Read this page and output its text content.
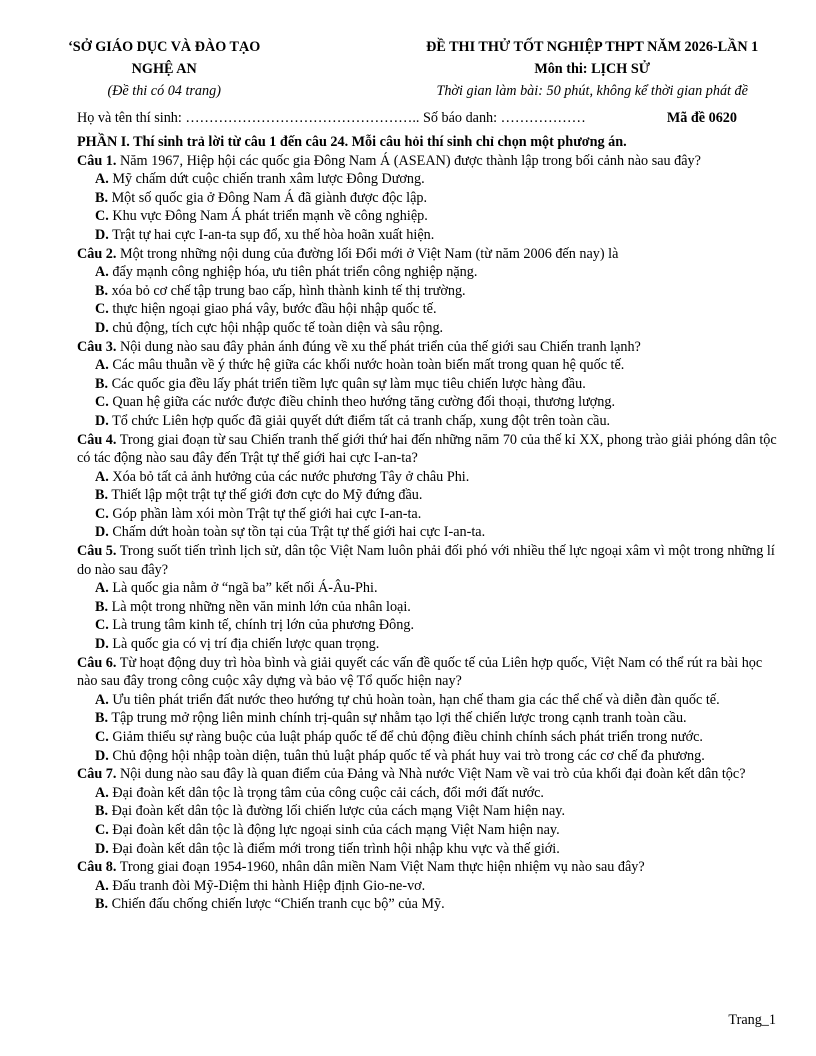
‘SỞ GIÁO DỤC VÀ ĐÀO TẠO	ĐỀ THI THỬ TỐT NGHIỆP THPT NĂM 2026-LẦN 1
NGHỆ AN	Môn thi: LỊCH SỬ
(Đề thi có 04 trang)	Thời gian làm bài: 50 phút, không kể thời gian phát đề
Họ và tên thí sinh: ………………………………………….. Số báo danh: ………………	Mã đề 0620
PHẦN I. Thí sinh trả lời từ câu 1 đến câu 24. Mỗi câu hỏi thí sinh chỉ chọn một phương án.
Câu 1. Năm 1967, Hiệp hội các quốc gia Đông Nam Á (ASEAN) được thành lập trong bối cảnh nào sau đây?
A. Mỹ chấm dứt cuộc chiến tranh xâm lược Đông Dương.
B. Một số quốc gia ở Đông Nam Á đã giành được độc lập.
C. Khu vực Đông Nam Á phát triển mạnh về công nghiệp.
D. Trật tự hai cực I-an-ta sụp đổ, xu thế hòa hoãn xuất hiện.
Câu 2. Một trong những nội dung của đường lối Đổi mới ở Việt Nam (từ năm 2006 đến nay) là
A. đẩy mạnh công nghiệp hóa, ưu tiên phát triển công nghiệp nặng.
B. xóa bỏ cơ chế tập trung bao cấp, hình thành kinh tế thị trường.
C. thực hiện ngoại giao phá vây, bước đầu hội nhập quốc tế.
D. chủ động, tích cực hội nhập quốc tế toàn diện và sâu rộng.
Câu 3. Nội dung nào sau đây phản ánh đúng về xu thế phát triển của thế giới sau Chiến tranh lạnh?
A. Các mâu thuẫn về ý thức hệ giữa các khối nước hoàn toàn biến mất trong quan hệ quốc tế.
B. Các quốc gia đều lấy phát triển tiềm lực quân sự làm mục tiêu chiến lược hàng đầu.
C. Quan hệ giữa các nước được điều chỉnh theo hướng tăng cường đối thoại, thương lượng.
D. Tổ chức Liên hợp quốc đã giải quyết dứt điểm tất cả tranh chấp, xung đột trên toàn cầu.
Câu 4. Trong giai đoạn từ sau Chiến tranh thế giới thứ hai đến những năm 70 của thế kỉ XX, phong trào giải phóng dân tộc có tác động nào sau đây đến Trật tự thế giới hai cực I-an-ta?
A. Xóa bỏ tất cả ảnh hưởng của các nước phương Tây ở châu Phi.
B. Thiết lập một trật tự thế giới đơn cực do Mỹ đứng đầu.
C. Góp phần làm xói mòn Trật tự thế giới hai cực I-an-ta.
D. Chấm dứt hoàn toàn sự tồn tại của Trật tự thế giới hai cực I-an-ta.
Câu 5. Trong suốt tiến trình lịch sử, dân tộc Việt Nam luôn phải đối phó với nhiều thế lực ngoại xâm vì một trong những lí do nào sau đây?
A. Là quốc gia nằm ở “ngã ba” kết nối Á-Âu-Phi.
B. Là một trong những nền văn minh lớn của nhân loại.
C. Là trung tâm kinh tế, chính trị lớn của phương Đông.
D. Là quốc gia có vị trí địa chiến lược quan trọng.
Câu 6. Từ hoạt động duy trì hòa bình và giải quyết các vấn đề quốc tế của Liên hợp quốc, Việt Nam có thể rút ra bài học nào sau đây trong công cuộc xây dựng và bảo vệ Tổ quốc hiện nay?
A. Ưu tiên phát triển đất nước theo hướng tự chủ hoàn toàn, hạn chế tham gia các thể chế và diễn đàn quốc tế.
B. Tập trung mở rộng liên minh chính trị-quân sự nhằm tạo lợi thế chiến lược trong cạnh tranh toàn cầu.
C. Giảm thiểu sự ràng buộc của luật pháp quốc tế để chủ động điều chỉnh chính sách phát triển trong nước.
D. Chủ động hội nhập toàn diện, tuân thủ luật pháp quốc tế và phát huy vai trò trong các cơ chế đa phương.
Câu 7. Nội dung nào sau đây là quan điểm của Đảng và Nhà nước Việt Nam về vai trò của khối đại đoàn kết dân tộc?
A. Đại đoàn kết dân tộc là trọng tâm của công cuộc cải cách, đổi mới đất nước.
B. Đại đoàn kết dân tộc là đường lối chiến lược của cách mạng Việt Nam hiện nay.
C. Đại đoàn kết dân tộc là động lực ngoại sinh của cách mạng Việt Nam hiện nay.
D. Đại đoàn kết dân tộc là điểm mới trong tiến trình hội nhập khu vực và thế giới.
Câu 8. Trong giai đoạn 1954-1960, nhân dân miền Nam Việt Nam thực hiện nhiệm vụ nào sau đây?
A. Đấu tranh đòi Mỹ-Diệm thi hành Hiệp định Gio-ne-vơ.
B. Chiến đấu chống chiến lược “Chiến tranh cục bộ” của Mỹ.
Trang_1
